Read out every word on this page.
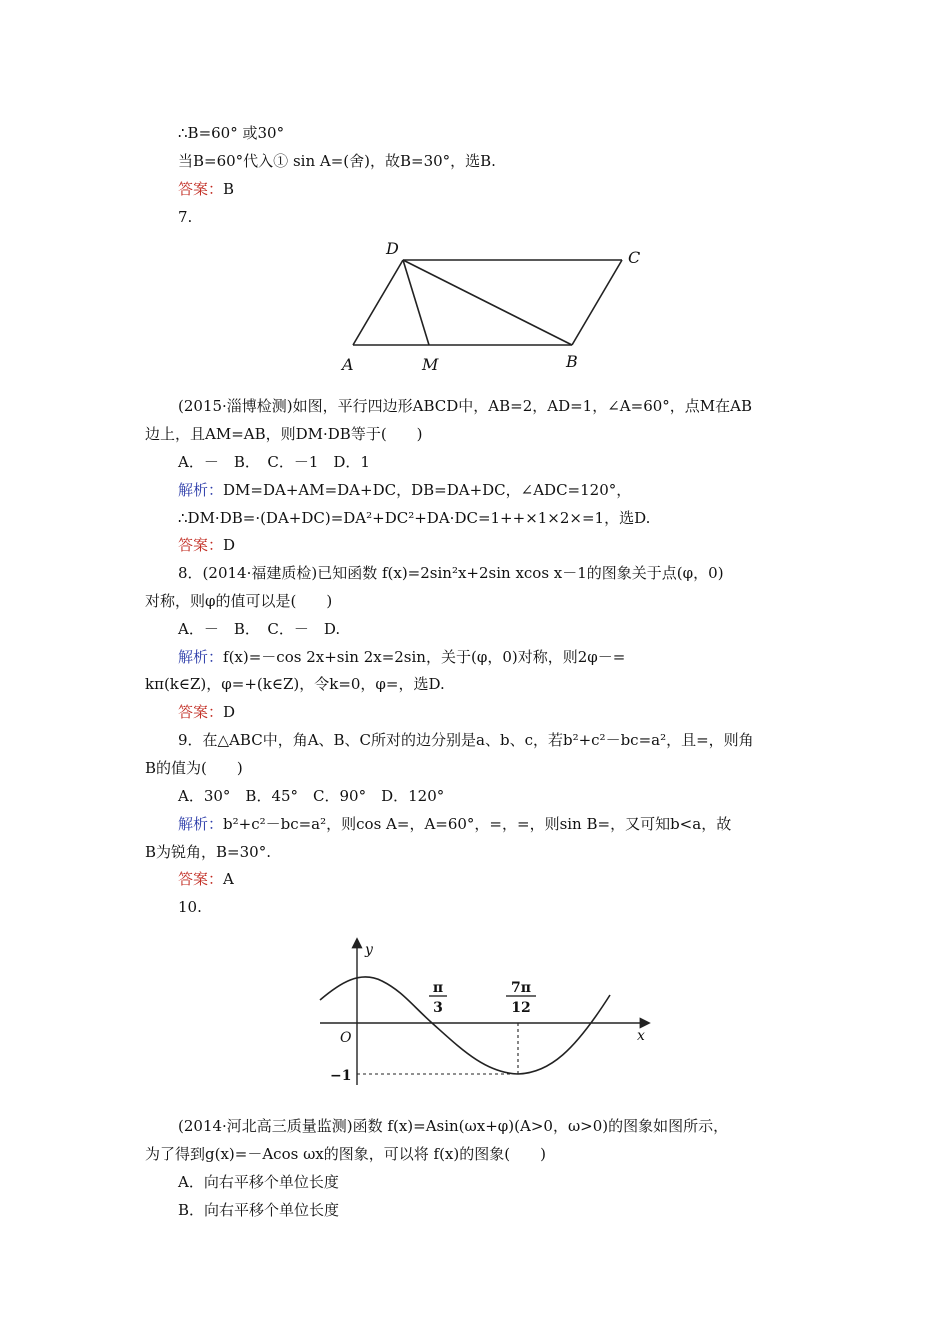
∴B=60° 或30°
当B=60°代入① sin A=(舍)，故B=30°，选B.
答案：B
7.
D	C
A	M	B
(2015·淄博检测)如图，平行四边形ABCD中，AB=2，AD=1，∠A=60°，点M在AB
边上，且AM=AB，则DM·DB等于(　　)
A．－　B．　C．－1　D．1
解析：DM=DA+AM=DA+DC，DB=DA+DC，∠ADC=120°，
∴DM·DB=·(DA+DC)=DA²+DC²+DA·DC=1++×1×2×=1，选D.
答案：D
8．(2014·福建质检)已知函数 f(x)=2sin²x+2sin xcos x－1的图象关于点(φ，0)
对称，则φ的值可以是(　　)
A．－　B．　C．－　D.
解析：f(x)=－cos 2x+sin 2x=2sin，关于(φ，0)对称，则2φ－=
kπ(k∈Z)，φ=+(k∈Z)，令k=0，φ=，选D.
答案：D
9．在△ABC中，角A、B、C所对的边分别是a、b、c，若b²+c²－bc=a²，且=，则角
B的值为(　　)
A．30°　B．45°　C．90°　D．120°
解析：b²+c²－bc=a²，则cos A=，A=60°，=，=，则sin B=，又可知b<a，故
B为锐角，B=30°.
答案：A
10.
y
x
O
−1
π
3
7π
12
(2014·河北高三质量监测)函数 f(x)=Asin(ωx+φ)(A>0，ω>0)的图象如图所示，
为了得到g(x)=－Acos ωx的图象，可以将 f(x)的图象(　　)
A．向右平移个单位长度
B．向右平移个单位长度
